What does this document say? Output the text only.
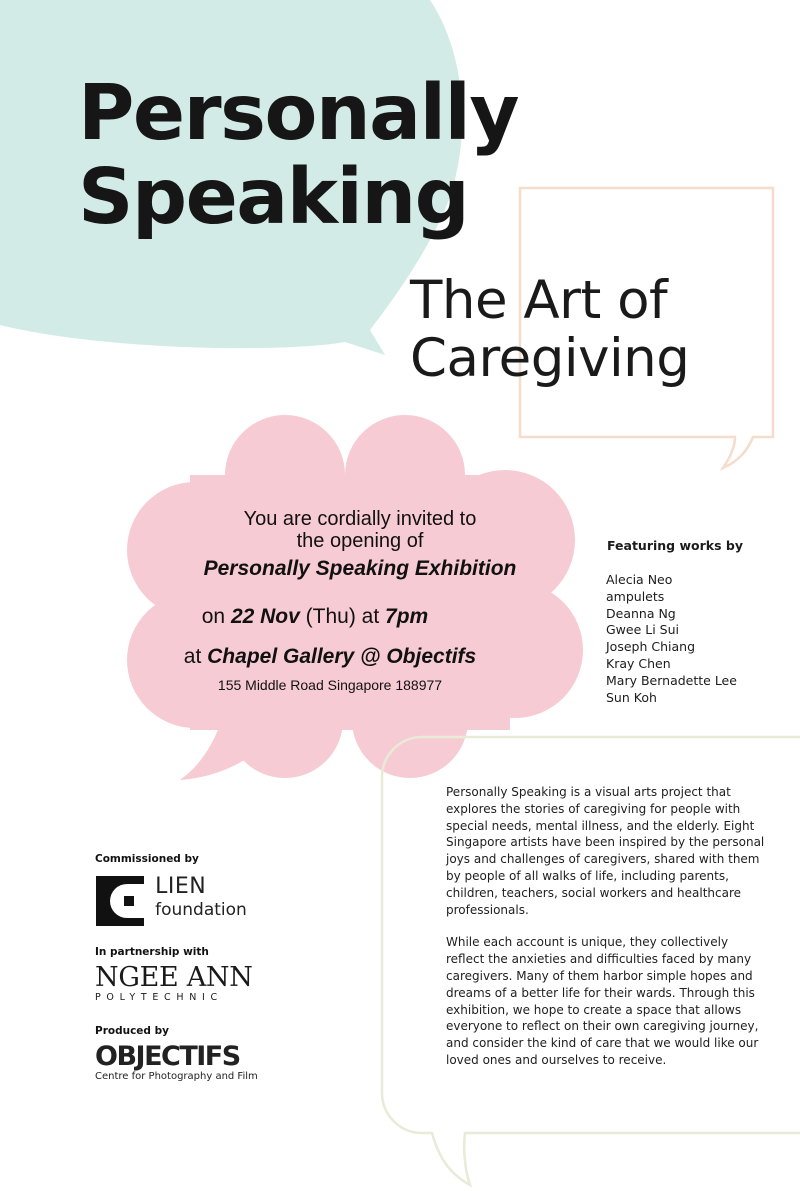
Personally
Speaking
The Art of
Caregiving
You are cordially invited to
the opening of
Personally Speaking Exhibition
on 22 Nov (Thu) at 7pm
at Chapel Gallery @ Objectifs
155 Middle Road Singapore 188977
Featuring works by
Alecia Neo
ampulets
Deanna Ng
Gwee Li Sui
Joseph Chiang
Kray Chen
Mary Bernadette Lee
Sun Koh

Personally Speaking is a visual arts project that explores the stories of caregiving for people with special needs, mental illness, and the elderly. Eight Singapore artists have been inspired by the personal joys and challenges of caregivers, shared with them by people of all walks of life, including parents, children, teachers, social workers and healthcare professionals.

While each account is unique, they collectively reflect the anxieties and difficulties faced by many caregivers. Many of them harbor simple hopes and dreams of a better life for their wards. Through this exhibition, we hope to create a space that allows everyone to reflect on their own caregiving journey, and consider the kind of care that we would like our loved ones and ourselves to receive.

Commissioned by

LIEN
foundation
In partnership with
NGEE ANN
POLYTECHNIC
Produced by
OBJECTIFS
Centre for Photography and Film
